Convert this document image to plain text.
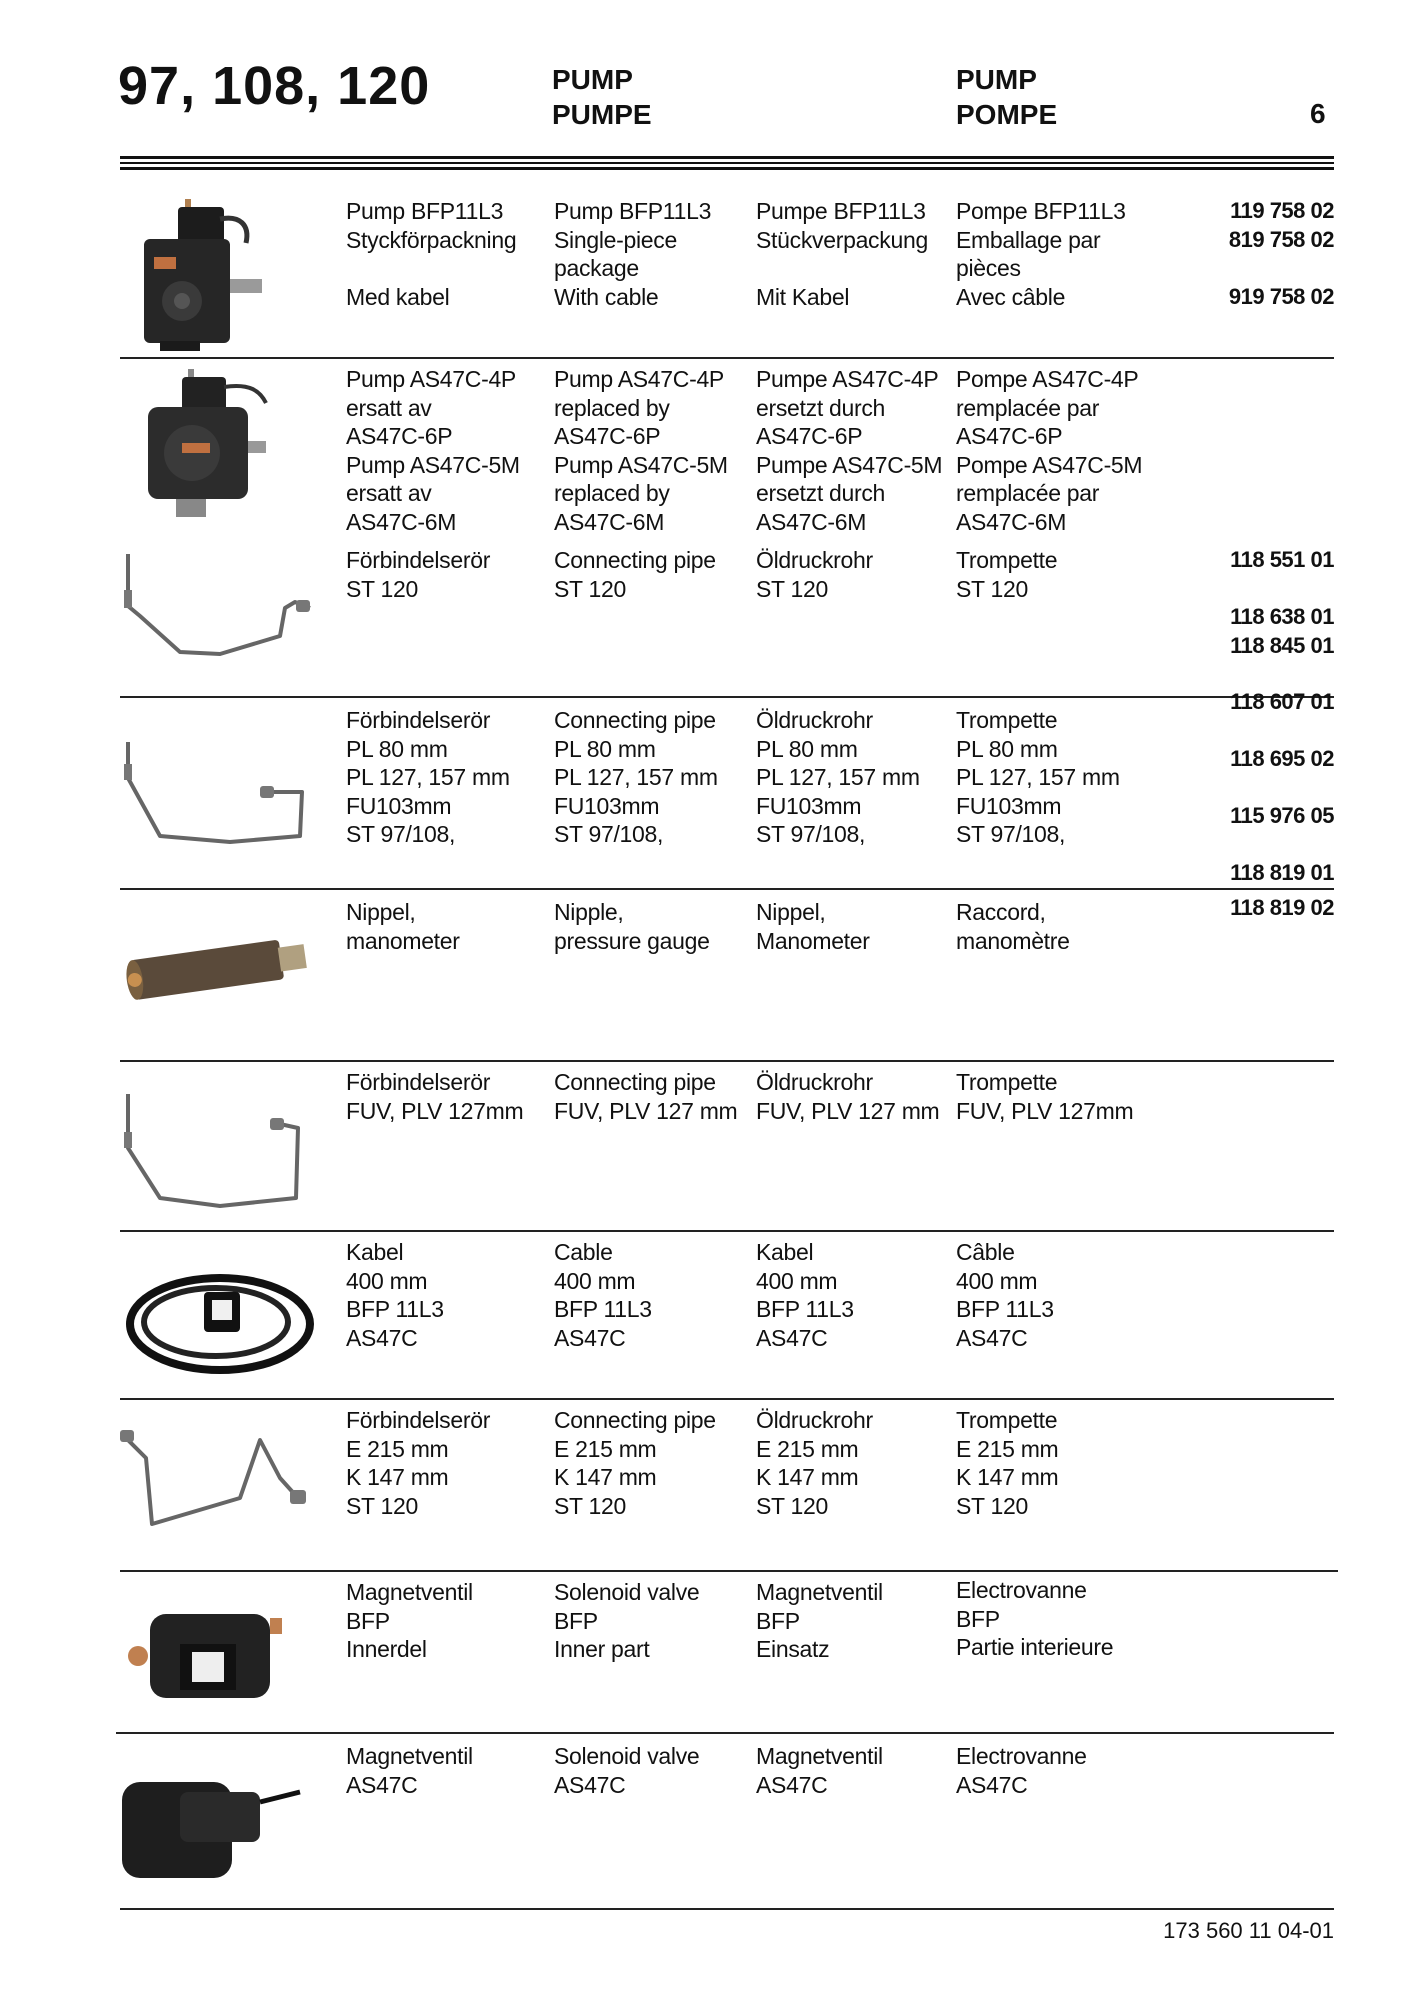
97, 108, 120	PUMP
PUMPE
PUMP
POMPE	6
Pump BFP11L3
Styckförpackning

Med kabel
Pump BFP11L3
Single-piece
package
With cable
Pumpe BFP11L3
Stückverpackung

Mit Kabel
Pompe BFP11L3
Emballage par
pièces
Avec câble
119 758 02
819 758 02

919 758 02
Pump AS47C-4P
ersatt av
AS47C-6P
Pump AS47C-5M
ersatt av
AS47C-6M
Pump AS47C-4P
replaced by
AS47C-6P
Pump AS47C-5M
replaced by
AS47C-6M
Pumpe AS47C-4P
ersetzt durch
AS47C-6P
Pumpe AS47C-5M
ersetzt durch
AS47C-6M
Pompe AS47C-4P
remplacée par
AS47C-6P
Pompe AS47C-5M
remplacée par
AS47C-6M
Förbindelserör
ST 120
Connecting pipe
ST 120
Öldruckrohr
ST 120
Trompette
ST 120
118 551 01

118 638 01
118 845 01
Förbindelserör
PL 80 mm
PL 127, 157 mm
FU103mm
ST 97/108,
Connecting pipe
PL 80 mm
PL 127, 157 mm
FU103mm
ST 97/108,
Öldruckrohr
PL 80 mm
PL 127, 157 mm
FU103mm
ST 97/108,
Trompette
PL 80 mm
PL 127, 157 mm
FU103mm
ST 97/108,
118 607 01

118 695 02

115 976 05

118 819 01
Nippel,
manometer
Nipple,
pressure gauge
Nippel,
Manometer
Raccord,
manomètre
118 819 02
Förbindelserör
FUV, PLV 127mm
Connecting pipe
FUV, PLV 127 mm
Öldruckrohr
FUV, PLV 127 mm
Trompette
FUV, PLV 127mm
Kabel
400 mm
BFP 11L3
AS47C
Cable
400 mm
BFP 11L3
AS47C
Kabel
400 mm
BFP 11L3
AS47C
Câble
400 mm
BFP 11L3
AS47C
Förbindelserör
E 215 mm
K 147 mm
ST 120
Connecting pipe
E 215 mm
K 147 mm
ST 120
Öldruckrohr
E 215 mm
K 147 mm
ST 120
Trompette
E 215 mm
K 147 mm
ST 120
Magnetventil
BFP
Innerdel
Solenoid valve
BFP
Inner part
Magnetventil
BFP
Einsatz
Electrovanne
BFP
Partie interieure
Magnetventil
AS47C
Solenoid valve
AS47C
Magnetventil
AS47C
Electrovanne
AS47C
173 560 11 04-01
